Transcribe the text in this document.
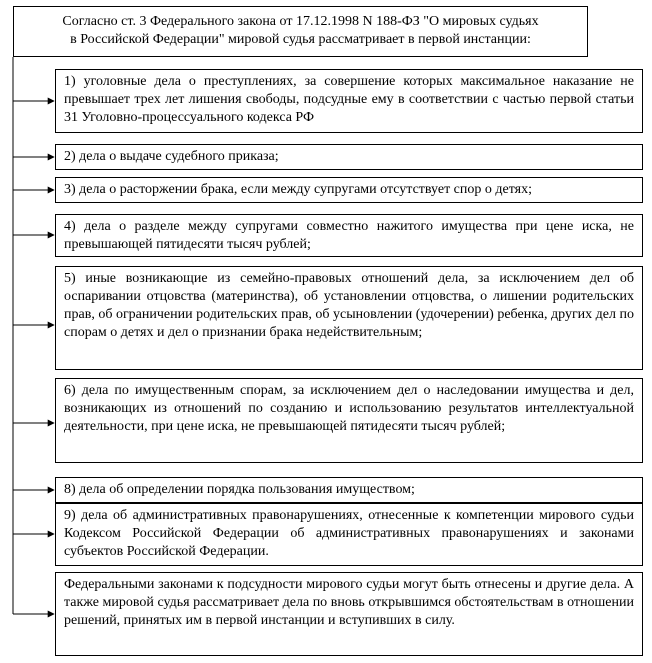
Согласно ст. 3 Федерального закона от 17.12.1998 N 188-ФЗ "О мировых судьях
в Российской Федерации" мировой судья рассматривает в первой инстанции:
1) уголовные дела о преступлениях, за совершение которых максимальное наказание не превышает трех лет лишения свободы, подсудные ему в соответствии с частью первой статьи 31 Уголовно-процессуального кодекса РФ
2) дела о выдаче судебного приказа;
3) дела о расторжении брака, если между супругами отсутствует спор о детях;
4) дела о разделе между супругами совместно нажитого имущества при цене иска, не превышающей пятидесяти тысяч рублей;
5) иные возникающие из семейно-правовых отношений дела, за исключением дел об оспаривании отцовства (материнства), об установлении отцовства, о лишении родительских прав, об ограничении родительских прав, об усыновлении (удочерении) ребенка, других дел по спорам о детях и дел о признании брака недействительным;
6) дела по имущественным спорам, за исключением дел о наследовании имущества и дел, возникающих из отношений по созданию и использованию результатов интеллектуальной деятельности, при цене иска, не превышающей пятидесяти тысяч рублей;
8) дела об определении порядка пользования имуществом;
9) дела об административных правонарушениях, отнесенные к компетенции мирового судьи Кодексом Российской Федерации об административных правонарушениях и законами субъектов Российской Федерации.
Федеральными законами к подсудности мирового судьи могут быть отнесены и другие дела. А также мировой судья рассматривает дела по вновь открывшимся обстоятельствам в отношении решений, принятых им в первой инстанции и вступивших в силу.
